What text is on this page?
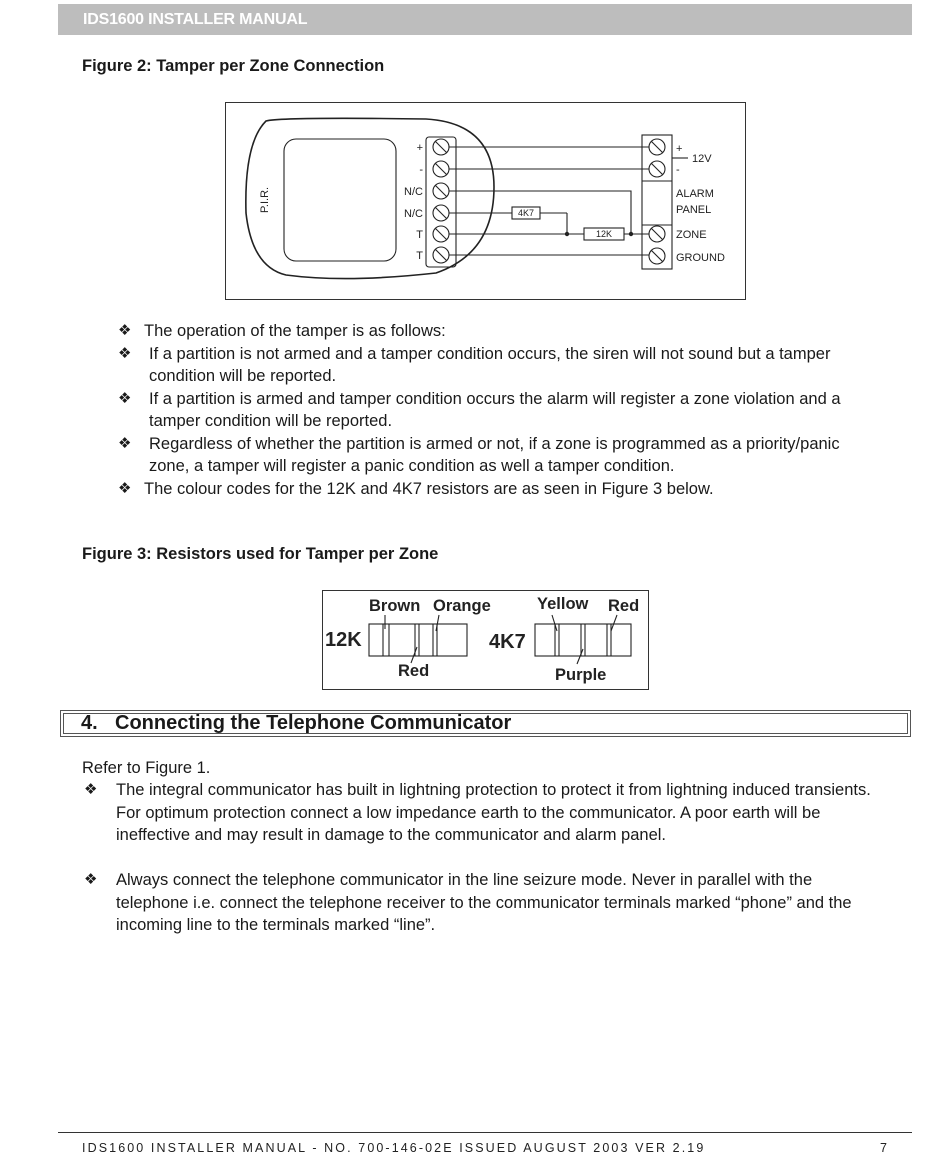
IDS1600 INSTALLER MANUAL

Figure 2: Tamper per Zone Connection

P.I.R.
+
-
N/C
N/C
T
T
+
-
12V
ALARM
PANEL
ZONE
GROUND
4K7
12K
❖ The operation of the tamper is as follows:
❖ If a partition is not armed and a tamper condition occurs, the siren will not sound but a tamper condition will be reported.
❖ If a partition is armed and tamper condition occurs the alarm will register a zone violation and a tamper condition will be reported.
❖ Regardless of whether the partition is armed or not, if a zone is programmed as a priority/panic zone, a tamper will register a panic condition as well a tamper condition.
❖ The colour codes for the 12K and 4K7 resistors are as seen in Figure 3 below.

Figure 3: Resistors used for Tamper per Zone

12K
Brown Orange
Red
4K7
Yellow Red
Purple
4. Connecting the Telephone Communicator

Refer to Figure 1.

❖ The integral communicator has built in lightning protection to protect it from lightning induced transients. For optimum protection connect a low impedance earth to the communicator. A poor earth will be ineffective and may result in damage to the communicator and alarm panel.
❖ Always connect the telephone communicator in the line seizure mode. Never in parallel with the telephone i.e. connect the telephone receiver to the communicator terminals marked “phone” and the incoming line to the terminals marked “line”.

IDS1600 INSTALLER MANUAL - NO. 700-146-02E ISSUED AUGUST 2003 VER 2.19	7
